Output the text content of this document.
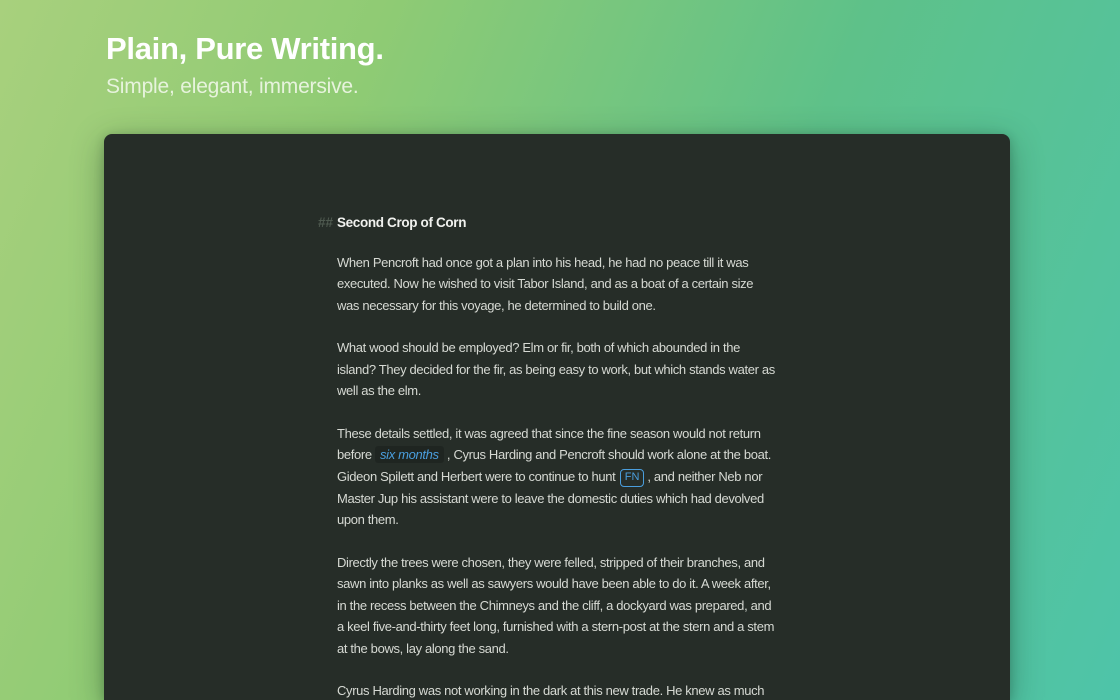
Plain, Pure Writing.
Simple, elegant, immersive.
## Second Crop of Corn

When Pencroft had once got a plan into his head, he had no peace till it was executed. Now he wished to visit Tabor Island, and as a boat of a certain size was necessary for this voyage, he determined to build one.

What wood should be employed? Elm or fir, both of which abounded in the island? They decided for the fir, as being easy to work, but which stands water as well as the elm.

These details settled, it was agreed that since the fine season would not return before six months , Cyrus Harding and Pencroft should work alone at the boat. Gideon Spilett and Herbert were to continue to hunt FN , and neither Neb nor Master Jup his assistant were to leave the domestic duties which had devolved upon them.

Directly the trees were chosen, they were felled, stripped of their branches, and sawn into planks as well as sawyers would have been able to do it. A week after, in the recess between the Chimneys and the cliff, a dockyard was prepared, and a keel five-and-thirty feet long, furnished with a stern-post at the stern and a stem at the bows, lay along the sand.

Cyrus Harding was not working in the dark at this new trade. He knew as much
